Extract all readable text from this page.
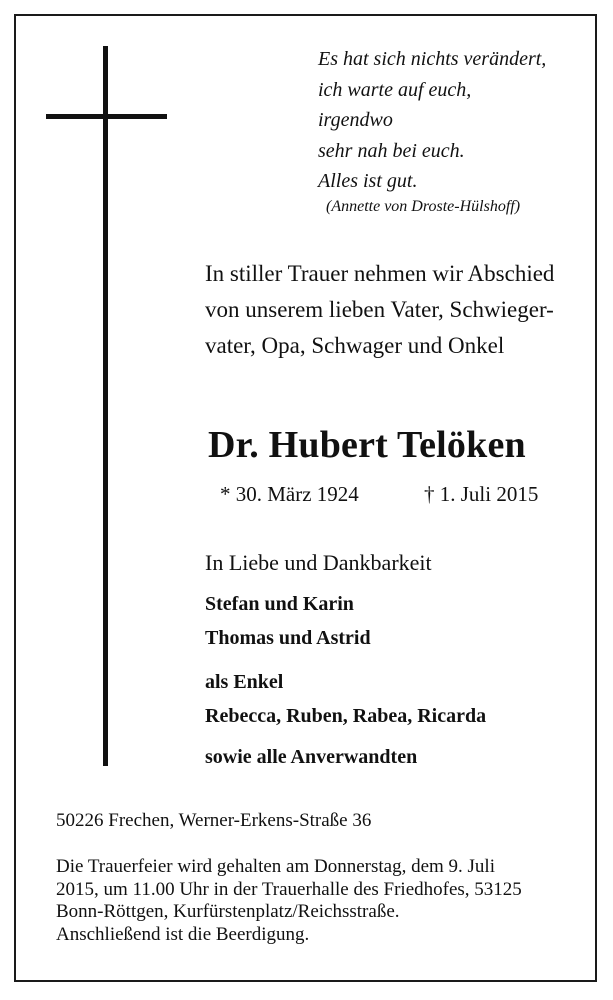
Es hat sich nichts verändert,
ich warte auf euch,
irgendwo
sehr nah bei euch.
Alles ist gut.
(Annette von Droste-Hülshoff)
In stiller Trauer nehmen wir Abschied
von unserem lieben Vater, Schwieger-
vater, Opa, Schwager und Onkel
Dr. Hubert Telöken
* 30. März 1924	† 1. Juli 2015
In Liebe und Dankbarkeit
Stefan und Karin
Thomas und Astrid
als Enkel
Rebecca, Ruben, Rabea, Ricarda
sowie alle Anverwandten
50226 Frechen, Werner-Erkens-Straße 36
Die Trauerfeier wird gehalten am Donnerstag, dem 9. Juli
2015, um 11.00 Uhr in der Trauerhalle des Friedhofes, 53125
Bonn-Röttgen, Kurfürstenplatz/Reichsstraße.
Anschließend ist die Beerdigung.
